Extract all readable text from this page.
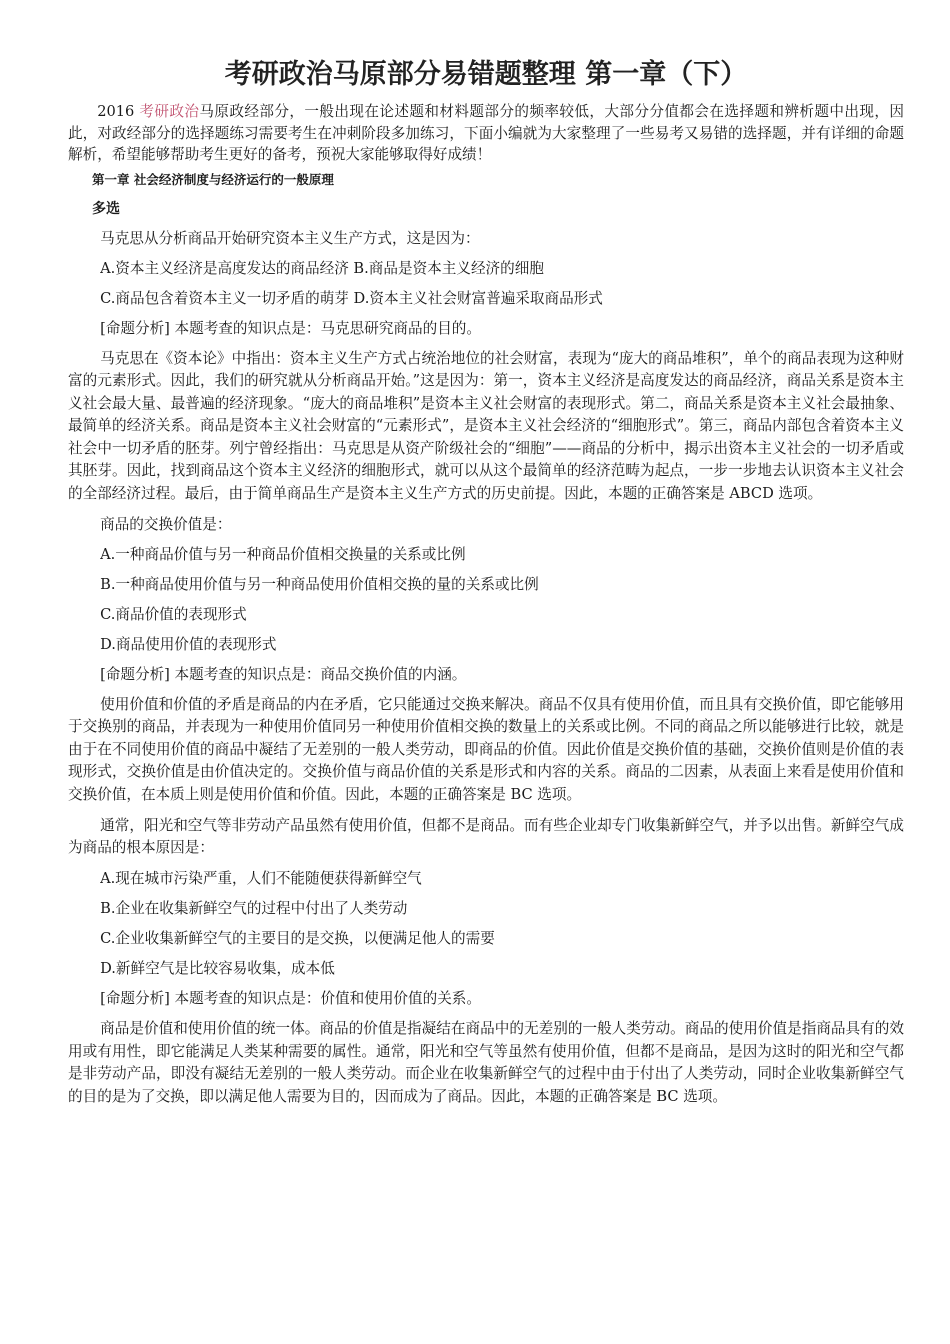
考研政治马原部分易错题整理 第一章（下）

2016 考研政治马原政经部分，一般出现在论述题和材料题部分的频率较低，大部分分值都会在选择题和辨析题中出现，因此，对政经部分的选择题练习需要考生在冲刺阶段多加练习，下面小编就为大家整理了一些易考又易错的选择题，并有详细的命题解析，希望能够帮助考生更好的备考，预祝大家能够取得好成绩！

第一章 社会经济制度与经济运行的一般原理
多选
马克思从分析商品开始研究资本主义生产方式，这是因为：
A.资本主义经济是高度发达的商品经济 B.商品是资本主义经济的细胞
C.商品包含着资本主义一切矛盾的萌芽 D.资本主义社会财富普遍采取商品形式
[命题分析] 本题考查的知识点是：马克思研究商品的目的。
马克思在《资本论》中指出：资本主义生产方式占统治地位的社会财富，表现为“庞大的商品堆积”，单个的商品表现为这种财富的元素形式。因此，我们的研究就从分析商品开始。”这是因为：第一，资本主义经济是高度发达的商品经济，商品关系是资本主义社会最大量、最普遍的经济现象。“庞大的商品堆积”是资本主义社会财富的表现形式。第二，商品关系是资本主义社会最抽象、最简单的经济关系。商品是资本主义社会财富的“元素形式”，是资本主义社会经济的“细胞形式”。第三，商品内部包含着资本主义社会中一切矛盾的胚芽。列宁曾经指出：马克思是从资产阶级社会的“细胞”——商品的分析中，揭示出资本主义社会的一切矛盾或其胚芽。因此，找到商品这个资本主义经济的细胞形式，就可以从这个最简单的经济范畴为起点，一步一步地去认识资本主义社会的全部经济过程。最后，由于简单商品生产是资本主义生产方式的历史前提。因此，本题的正确答案是 ABCD 选项。
商品的交换价值是：
A.一种商品价值与另一种商品价值相交换量的关系或比例
B.一种商品使用价值与另一种商品使用价值相交换的量的关系或比例
C.商品价值的表现形式
D.商品使用价值的表现形式
[命题分析] 本题考查的知识点是：商品交换价值的内涵。
使用价值和价值的矛盾是商品的内在矛盾，它只能通过交换来解决。商品不仅具有使用价值，而且具有交换价值，即它能够用于交换别的商品，并表现为一种使用价值同另一种使用价值相交换的数量上的关系或比例。不同的商品之所以能够进行比较，就是由于在不同使用价值的商品中凝结了无差别的一般人类劳动，即商品的价值。因此价值是交换价值的基础，交换价值则是价值的表现形式，交换价值是由价值决定的。交换价值与商品价值的关系是形式和内容的关系。商品的二因素，从表面上来看是使用价值和交换价值，在本质上则是使用价值和价值。因此，本题的正确答案是 BC 选项。
通常，阳光和空气等非劳动产品虽然有使用价值，但都不是商品。而有些企业却专门收集新鲜空气，并予以出售。新鲜空气成为商品的根本原因是：
A.现在城市污染严重，人们不能随便获得新鲜空气
B.企业在收集新鲜空气的过程中付出了人类劳动
C.企业收集新鲜空气的主要目的是交换，以便满足他人的需要
D.新鲜空气是比较容易收集，成本低
[命题分析] 本题考查的知识点是：价值和使用价值的关系。
商品是价值和使用价值的统一体。商品的价值是指凝结在商品中的无差别的一般人类劳动。商品的使用价值是指商品具有的效用或有用性，即它能满足人类某种需要的属性。通常，阳光和空气等虽然有使用价值，但都不是商品，是因为这时的阳光和空气都是非劳动产品，即没有凝结无差别的一般人类劳动。而企业在收集新鲜空气的过程中由于付出了人类劳动，同时企业收集新鲜空气的目的是为了交换，即以满足他人需要为目的，因而成为了商品。因此，本题的正确答案是 BC 选项。
